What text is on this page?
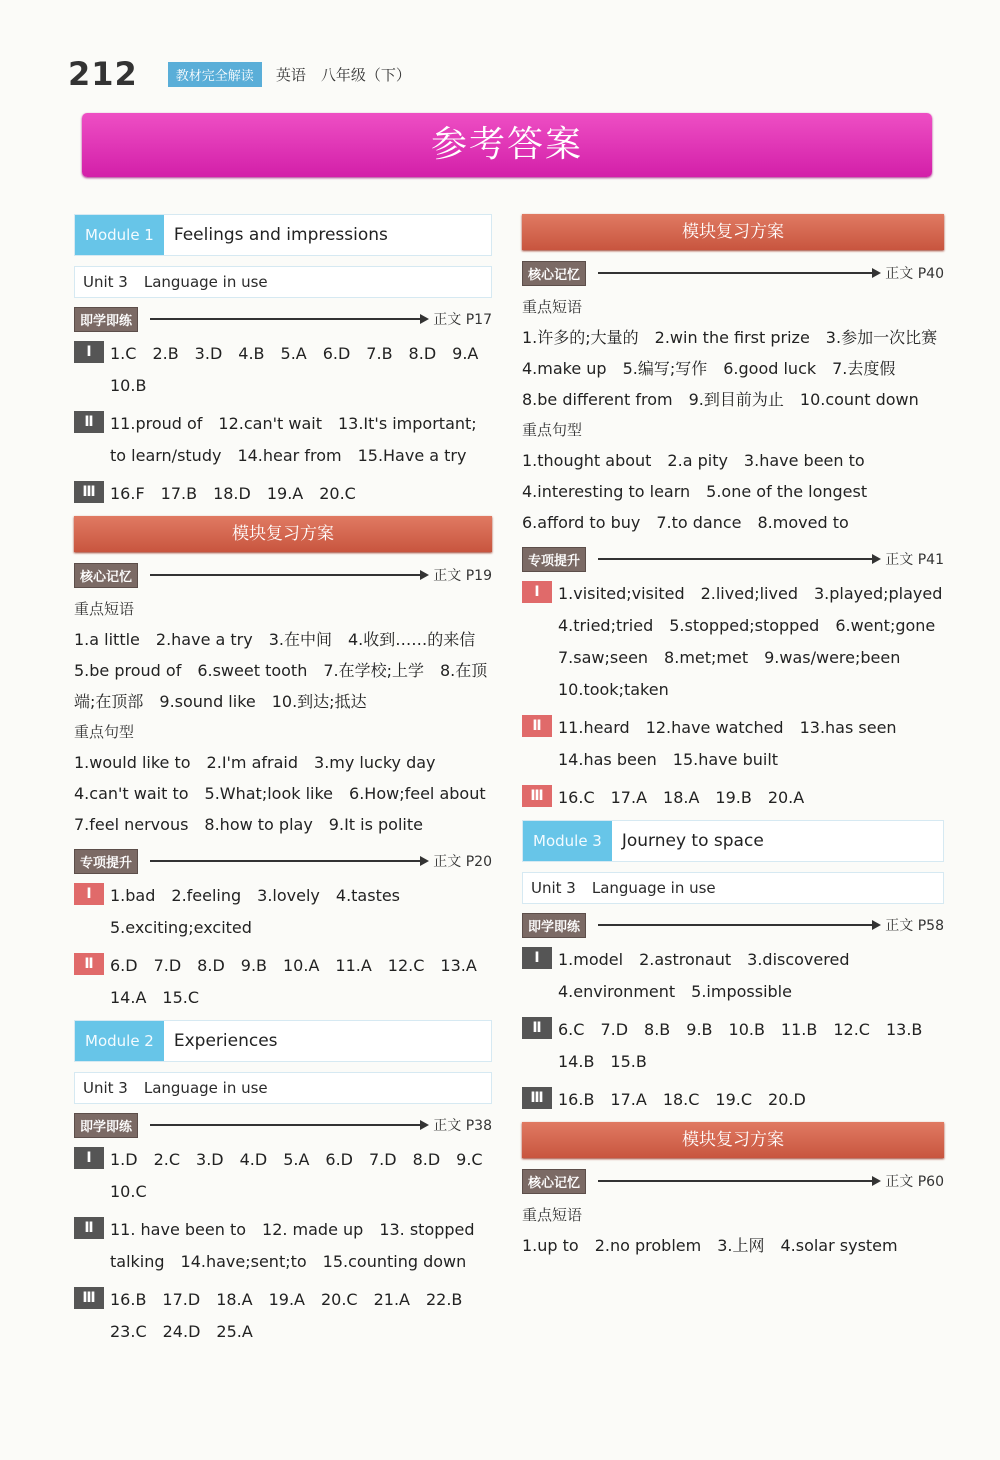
212	教材完全解读	英语　八年级（下）
参考答案
Module 1	Feelings and impressions
Unit 3 Language in use
即学即练	正文 P17
Ⅰ	1.C　2.B　3.D　4.B　5.A　6.D　7.B　8.D　9.A　10.B
Ⅱ	11.proud of　12.can't wait　13.It's important; to learn/study　14.hear from　15.Have a try
Ⅲ 16.F　17.B　18.D　19.A　20.C
模块复习方案
核心记忆	正文 P19
重点短语
1.a little　2.have a try　3.在中间　4.收到……的来信　5.be proud of　6.sweet tooth　7.在学校;上学　8.在顶端;在顶部　9.sound like　10.到达;抵达
重点句型
1.would like to　2.I'm afraid　3.my lucky day　4.can't wait to　5.What;look like　6.How;feel about　7.feel nervous　8.how to play　9.It is polite
专项提升	正文 P20
Ⅰ	1.bad　2.feeling　3.lovely　4.tastes　5.exciting;excited
Ⅱ	6.D　7.D　8.D　9.B　10.A　11.A　12.C　13.A　14.A　15.C
Module 2	Experiences
Unit 3 Language in use
即学即练	正文 P38
Ⅰ	1.D　2.C　3.D　4.D　5.A　6.D　7.D　8.D　9.C　10.C
Ⅱ	11. have been to　12. made up　13. stopped talking　14.have;sent;to　15.counting down
Ⅲ 16.B　17.D　18.A　19.A　20.C　21.A　22.B　23.C　24.D　25.A
模块复习方案
核心记忆	正文 P40
重点短语
1.许多的;大量的　2.win the first prize　3.参加一次比赛　4.make up　5.编写;写作　6.good luck　7.去度假　8.be different from　9.到目前为止　10.count down
重点句型
1.thought about　2.a pity　3.have been to　4.interesting to learn　5.one of the longest　6.afford to buy　7.to dance　8.moved to
专项提升	正文 P41
Ⅰ	1.visited;visited　2.lived;lived　3.played;played　4.tried;tried　5.stopped;stopped　6.went;gone　7.saw;seen　8.met;met　9.was/were;been　10.took;taken
Ⅱ	11.heard　12.have watched　13.has seen　14.has been　15.have built
Ⅲ 16.C　17.A　18.A　19.B　20.A
Module 3	Journey to space
Unit 3 Language in use
即学即练	正文 P58
Ⅰ	1.model　2.astronaut　3.discovered　4.environment　5.impossible
Ⅱ	6.C　7.D　8.B　9.B　10.B　11.B　12.C　13.B　14.B　15.B
Ⅲ 16.B　17.A　18.C　19.C　20.D
模块复习方案
核心记忆	正文 P60
重点短语
1.up to　2.no problem　3.上网　4.solar system
